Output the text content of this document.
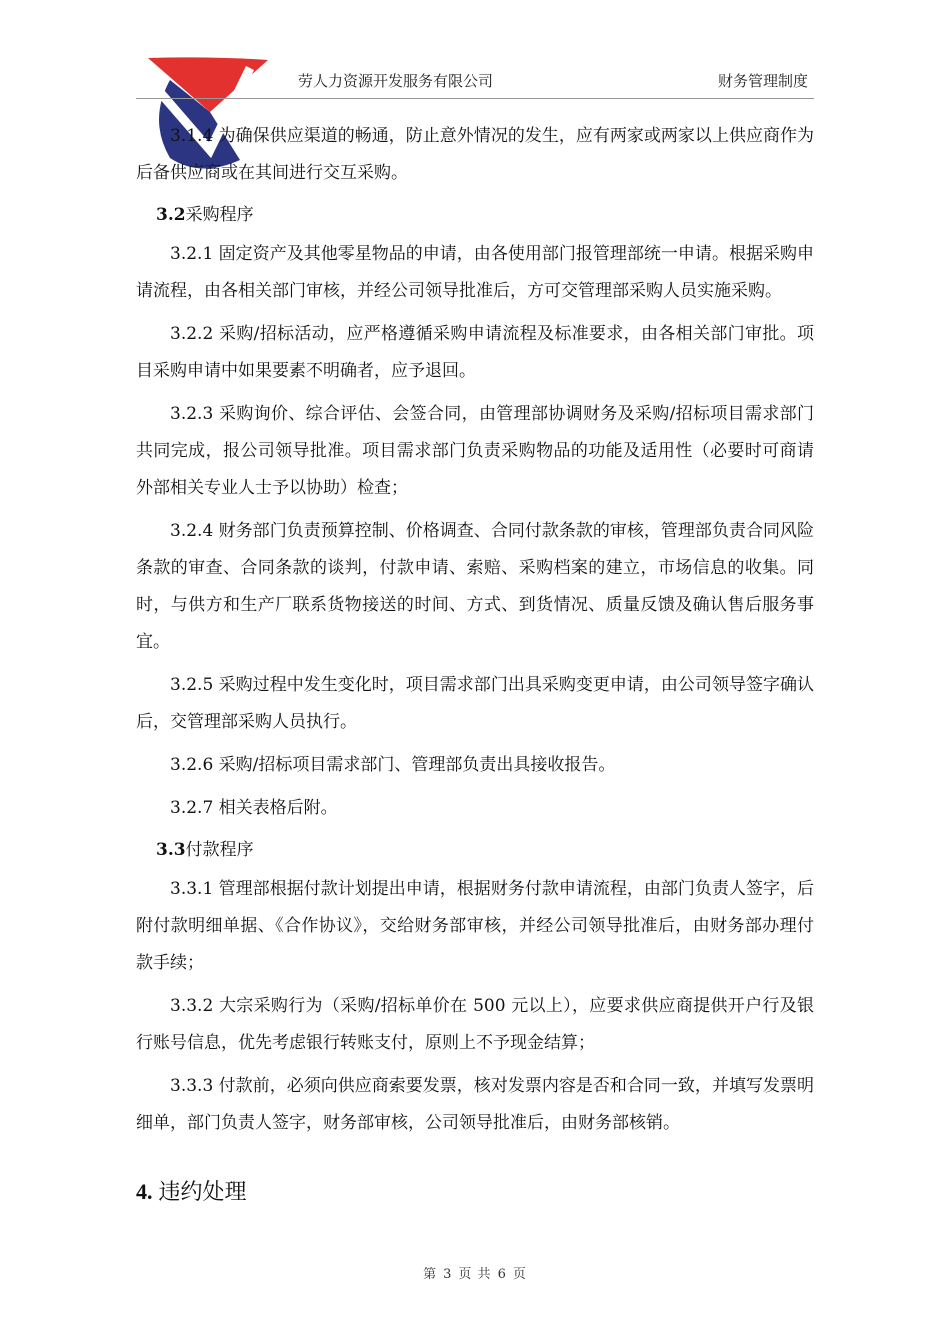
劳人力资源开发服务有限公司	财务管理制度

3.1.4 为确保供应渠道的畅通，防止意外情况的发生，应有两家或两家以上供应商作为后备供应商或在其间进行交互采购。

3.2采购程序

3.2.1 固定资产及其他零星物品的申请，由各使用部门报管理部统一申请。根据采购申请流程，由各相关部门审核，并经公司领导批准后，方可交管理部采购人员实施采购。

3.2.2 采购/招标活动，应严格遵循采购申请流程及标准要求，由各相关部门审批。项目采购申请中如果要素不明确者，应予退回。

3.2.3 采购询价、综合评估、会签合同，由管理部协调财务及采购/招标项目需求部门共同完成，报公司领导批准。项目需求部门负责采购物品的功能及适用性（必要时可商请外部相关专业人士予以协助）检查；

3.2.4 财务部门负责预算控制、价格调查、合同付款条款的审核，管理部负责合同风险条款的审查、合同条款的谈判，付款申请、索赔、采购档案的建立，市场信息的收集。同时，与供方和生产厂联系货物接送的时间、方式、到货情况、质量反馈及确认售后服务事宜。

3.2.5 采购过程中发生变化时，项目需求部门出具采购变更申请，由公司领导签字确认后，交管理部采购人员执行。

3.2.6 采购/招标项目需求部门、管理部负责出具接收报告。

3.2.7 相关表格后附。

3.3付款程序

3.3.1 管理部根据付款计划提出申请，根据财务付款申请流程，由部门负责人签字，后附付款明细单据、《合作协议》，交给财务部审核，并经公司领导批准后，由财务部办理付款手续；

3.3.2 大宗采购行为（采购/招标单价在 500 元以上），应要求供应商提供开户行及银行账号信息，优先考虑银行转账支付，原则上不予现金结算；

3.3.3 付款前，必须向供应商索要发票，核对发票内容是否和合同一致，并填写发票明细单，部门负责人签字，财务部审核，公司领导批准后，由财务部核销。

4. 违约处理
第 3 页 共 6 页
